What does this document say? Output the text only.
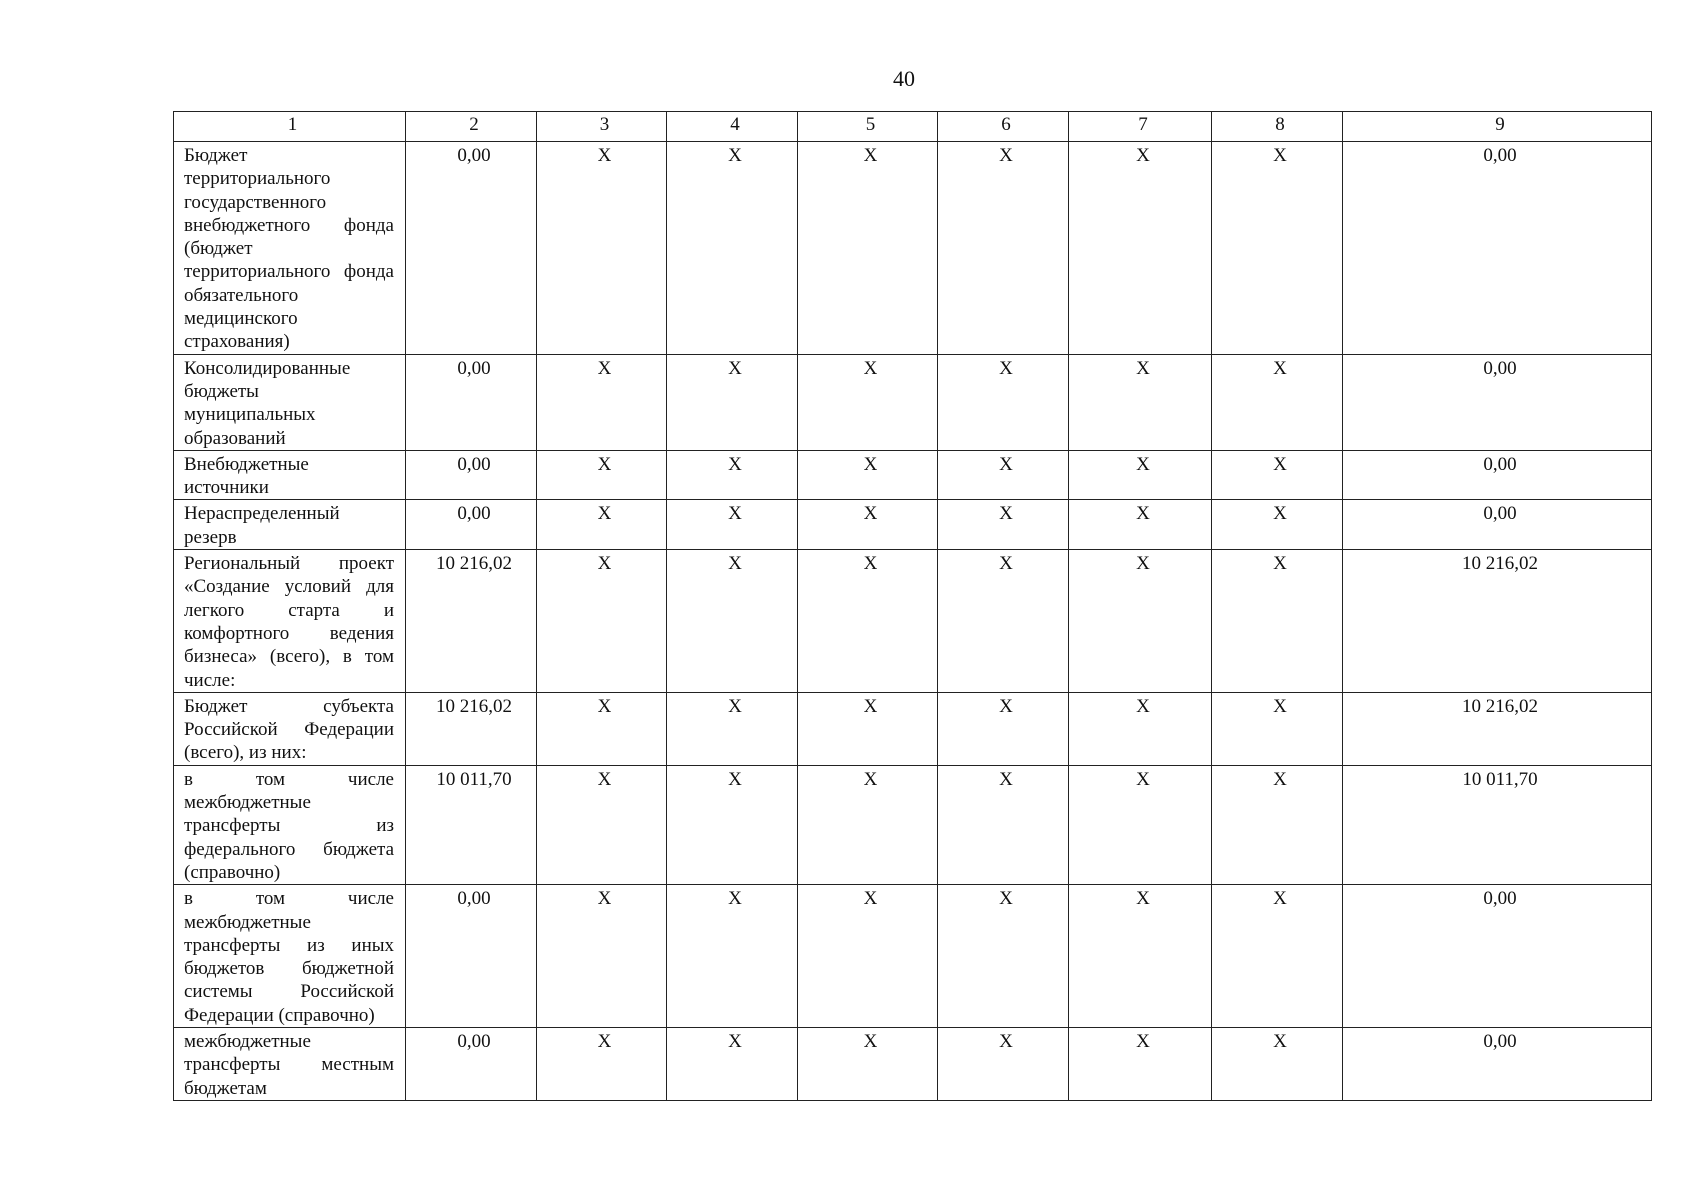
40
1	2	3	4	5	6	7	8	9
Бюджет территориального государственного внебюджетного фонда (бюджет территориального фонда обязательного медицинского страхования)	0,00	X	X	X	X	X	X	0,00
Консолидированные бюджеты муниципальных образований	0,00	X	X	X	X	X	X	0,00
Внебюджетные источники	0,00	X	X	X	X	X	X	0,00
Нераспределенный резерв	0,00	X	X	X	X	X	X	0,00
Региональный проект «Создание условий для легкого старта и комфортного ведения бизнеса» (всего), в том числе:	10 216,02	X	X	X	X	X	X	10 216,02
Бюджет субъекта Российской Федерации (всего), из них:	10 216,02	X	X	X	X	X	X	10 216,02
в том числе межбюджетные трансферты из федерального бюджета (справочно)	10 011,70	X	X	X	X	X	X	10 011,70
в том числе межбюджетные трансферты из иных бюджетов бюджетной системы Российской Федерации (справочно)	0,00	X	X	X	X	X	X	0,00
межбюджетные трансферты местным бюджетам	0,00	X	X	X	X	X	X	0,00
